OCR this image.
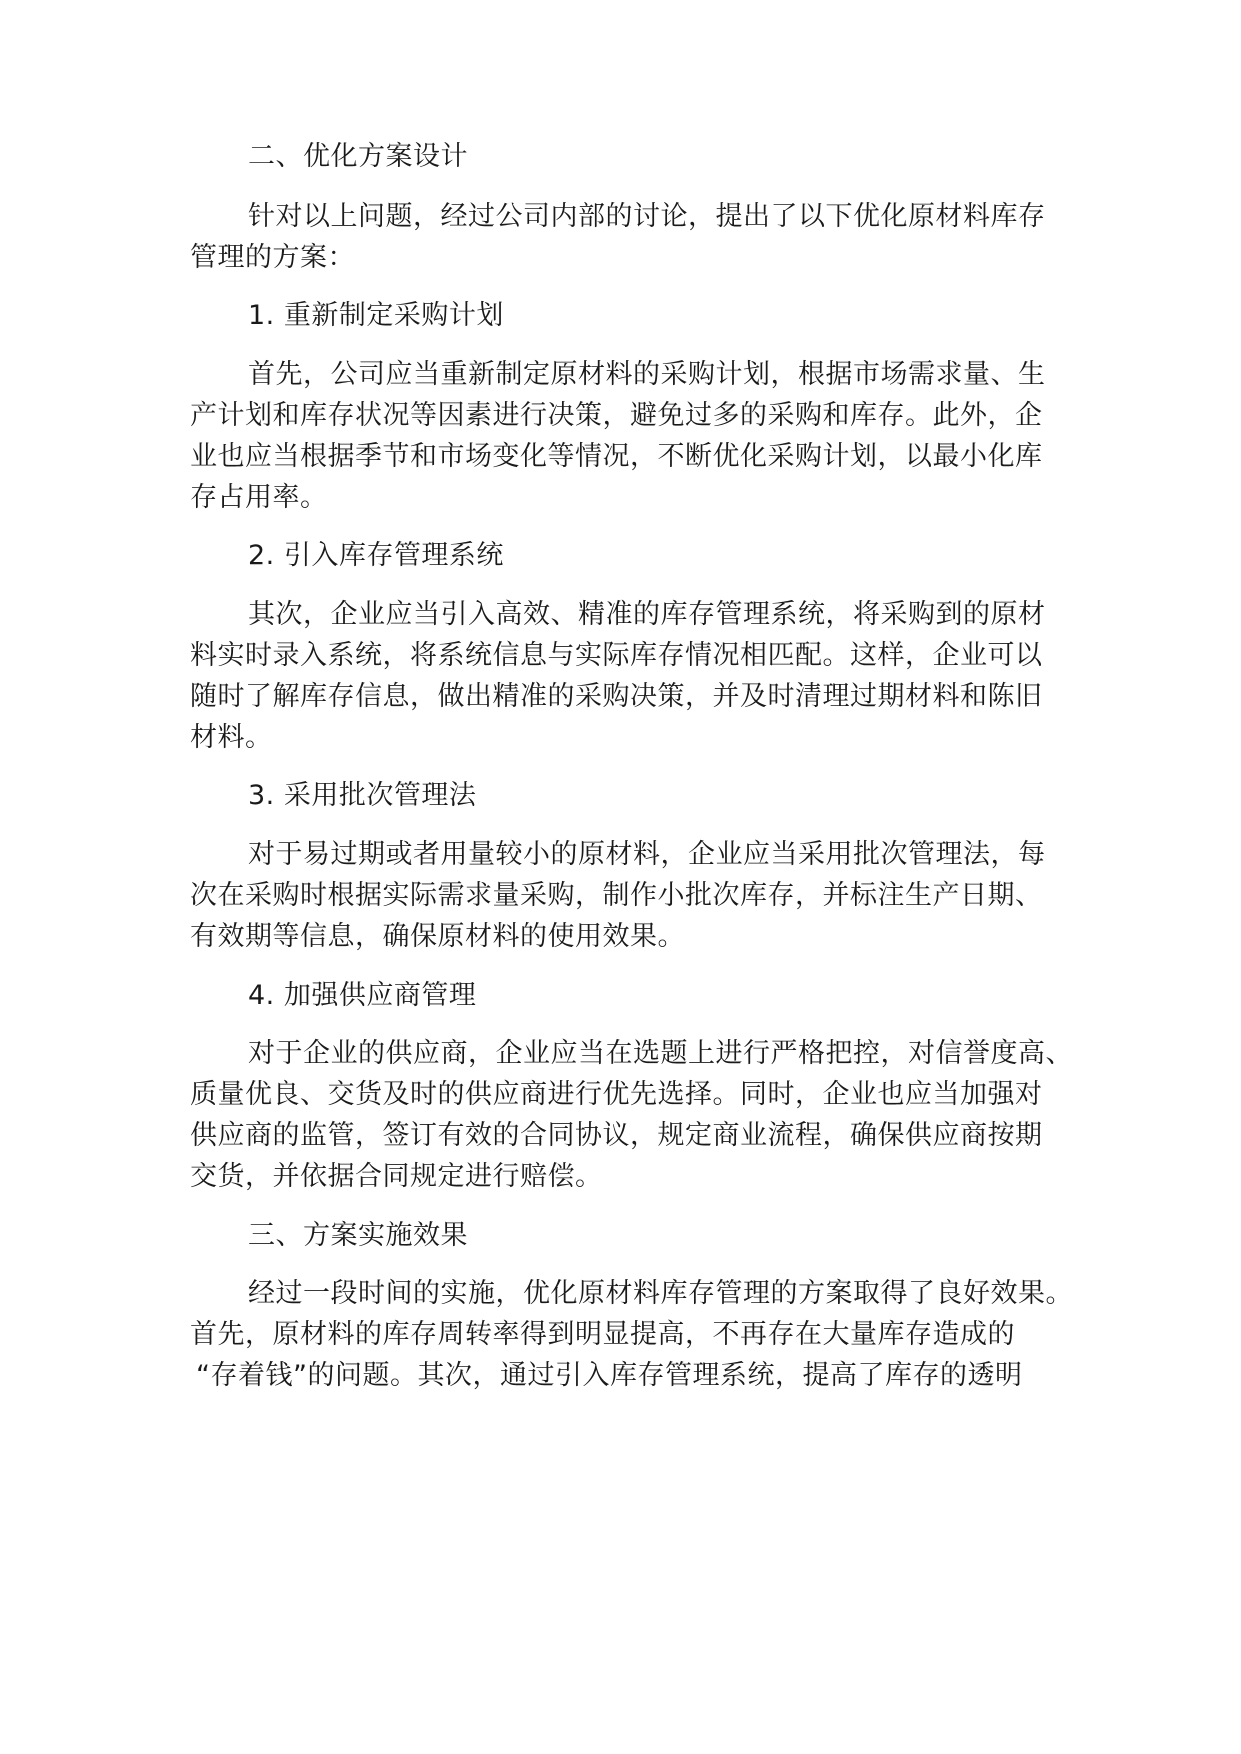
二、优化方案设计
针对以上问题，经过公司内部的讨论，提出了以下优化原材料库存
管理的方案：
1. 重新制定采购计划
首先，公司应当重新制定原材料的采购计划，根据市场需求量、生
产计划和库存状况等因素进行决策，避免过多的采购和库存。此外，企
业也应当根据季节和市场变化等情况，不断优化采购计划，以最小化库
存占用率。
2. 引入库存管理系统
其次，企业应当引入高效、精准的库存管理系统，将采购到的原材
料实时录入系统，将系统信息与实际库存情况相匹配。这样，企业可以
随时了解库存信息，做出精准的采购决策，并及时清理过期材料和陈旧
材料。
3. 采用批次管理法
对于易过期或者用量较小的原材料，企业应当采用批次管理法，每
次在采购时根据实际需求量采购，制作小批次库存，并标注生产日期、
有效期等信息，确保原材料的使用效果。
4. 加强供应商管理
对于企业的供应商，企业应当在选题上进行严格把控，对信誉度高、
质量优良、交货及时的供应商进行优先选择。同时，企业也应当加强对
供应商的监管，签订有效的合同协议，规定商业流程，确保供应商按期
交货，并依据合同规定进行赔偿。
三、方案实施效果
经过一段时间的实施，优化原材料库存管理的方案取得了良好效果。
首先，原材料的库存周转率得到明显提高，不再存在大量库存造成的
“存着钱”的问题。其次，通过引入库存管理系统，提高了库存的透明
